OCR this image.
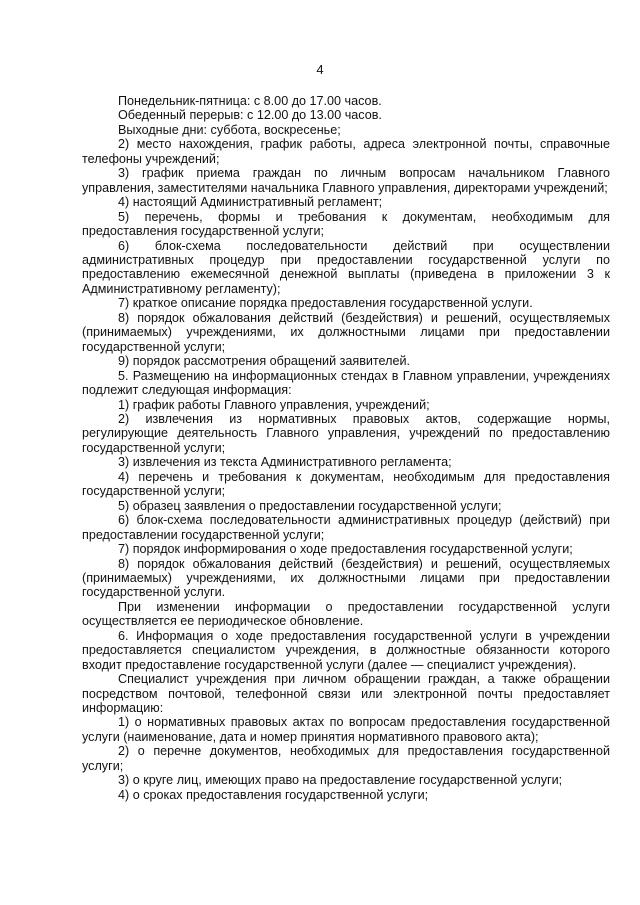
4

Понедельник-пятница: с 8.00 до 17.00 часов.

Обеденный перерыв: с 12.00 до 13.00 часов.

Выходные дни: суббота, воскресенье;

2) место нахождения, график работы, адреса электронной почты, справочные телефоны учреждений;

3) график приема граждан по личным вопросам начальником Главного управления, заместителями начальника Главного управления, директорами учреждений;

4) настоящий Административный регламент;

5) перечень, формы и требования к документам, необходимым для предоставления государственной услуги;

6) блок-схема последовательности действий при осуществлении административных процедур при предоставлении государственной услуги по предоставлению ежемесячной денежной выплаты (приведена в приложении 3 к Административному регламенту);

7) краткое описание порядка предоставления государственной услуги.

8) порядок обжалования действий (бездействия) и решений, осуществляемых (принимаемых) учреждениями, их должностными лицами при предоставлении государственной услуги;

9) порядок рассмотрения обращений заявителей.

5. Размещению на информационных стендах в Главном управлении, учреждениях подлежит следующая информация:

1) график работы Главного управления, учреждений;

2) извлечения из нормативных правовых актов, содержащие нормы, регулирующие деятельность Главного управления, учреждений по предоставлению государственной услуги;

3) извлечения из текста Административного регламента;

4) перечень и требования к документам, необходимым для предоставления государственной услуги;

5) образец заявления о предоставлении государственной услуги;

6) блок-схема последовательности административных процедур (действий) при предоставлении государственной услуги;

7) порядок информирования о ходе предоставления государственной услуги;

8) порядок обжалования действий (бездействия) и решений, осуществляемых (принимаемых) учреждениями, их должностными лицами при предоставлении государственной услуги.

При изменении информации о предоставлении государственной услуги осуществляется ее периодическое обновление.

6. Информация о ходе предоставления государственной услуги в учреждении предоставляется специалистом учреждения, в должностные обязанности которого входит предоставление государственной услуги (далее — специалист учреждения).

Специалист учреждения при личном обращении граждан, а также обращении посредством почтовой, телефонной связи или электронной почты предоставляет информацию:

1) о нормативных правовых актах по вопросам предоставления государственной услуги (наименование, дата и номер принятия нормативного правового акта);

2) о перечне документов, необходимых для предоставления государственной услуги;

3) о круге лиц, имеющих право на предоставление государственной услуги;

4) о сроках предоставления государственной услуги;
